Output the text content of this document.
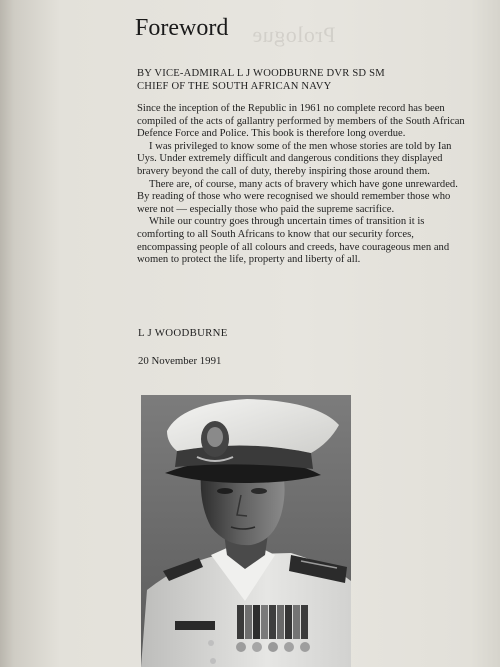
Prologue
Foreword
BY VICE-ADMIRAL L J WOODBURNE DVR SD SM
CHIEF OF THE SOUTH AFRICAN NAVY

Since the inception of the Republic in 1961 no complete record has been compiled of the acts of gallantry performed by members of the South African Defence Force and Police. This book is therefore long overdue.

I was privileged to know some of the men whose stories are told by Ian Uys. Under extremely difficult and dangerous conditions they displayed bravery beyond the call of duty, thereby inspiring those around them.

There are, of course, many acts of bravery which have gone unrewarded. By reading of those who were recognised we should remember those who were not — especially those who paid the supreme sacrifice.

While our country goes through uncertain times of transition it is comforting to all South Africans to know that our security forces, encompassing people of all colours and creeds, have courageous men and women to protect the life, property and liberty of all.

L J WOODBURNE
20 November 1991
